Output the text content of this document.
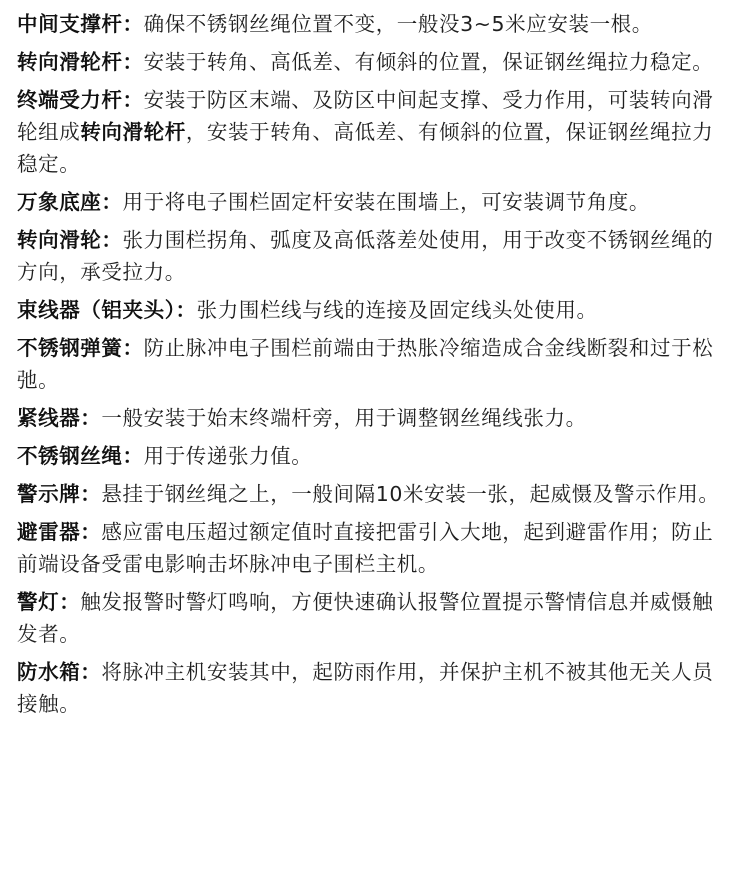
中间支撑杆：确保不锈钢丝绳位置不变，一般没3~5米应安装一根。

转向滑轮杆：安装于转角、高低差、有倾斜的位置，保证钢丝绳拉力稳定。

终端受力杆：安装于防区末端、及防区中间起支撑、受力作用，可装转向滑轮组成转向滑轮杆，安装于转角、高低差、有倾斜的位置，保证钢丝绳拉力稳定。

万象底座：用于将电子围栏固定杆安装在围墙上，可安装调节角度。

转向滑轮：张力围栏拐角、弧度及高低落差处使用，用于改变不锈钢丝绳的方向，承受拉力。

束线器（铝夹头）：张力围栏线与线的连接及固定线头处使用。

不锈钢弹簧：防止脉冲电子围栏前端由于热胀冷缩造成合金线断裂和过于松弛。

紧线器：一般安装于始末终端杆旁，用于调整钢丝绳线张力。

不锈钢丝绳：用于传递张力值。

警示牌：悬挂于钢丝绳之上，一般间隔10米安装一张，起威慑及警示作用。

避雷器：感应雷电压超过额定值时直接把雷引入大地，起到避雷作用；防止前端设备受雷电影响击坏脉冲电子围栏主机。

警灯：触发报警时警灯鸣响，方便快速确认报警位置提示警情信息并威慑触发者。

防水箱：将脉冲主机安装其中，起防雨作用，并保护主机不被其他无关人员接触。
